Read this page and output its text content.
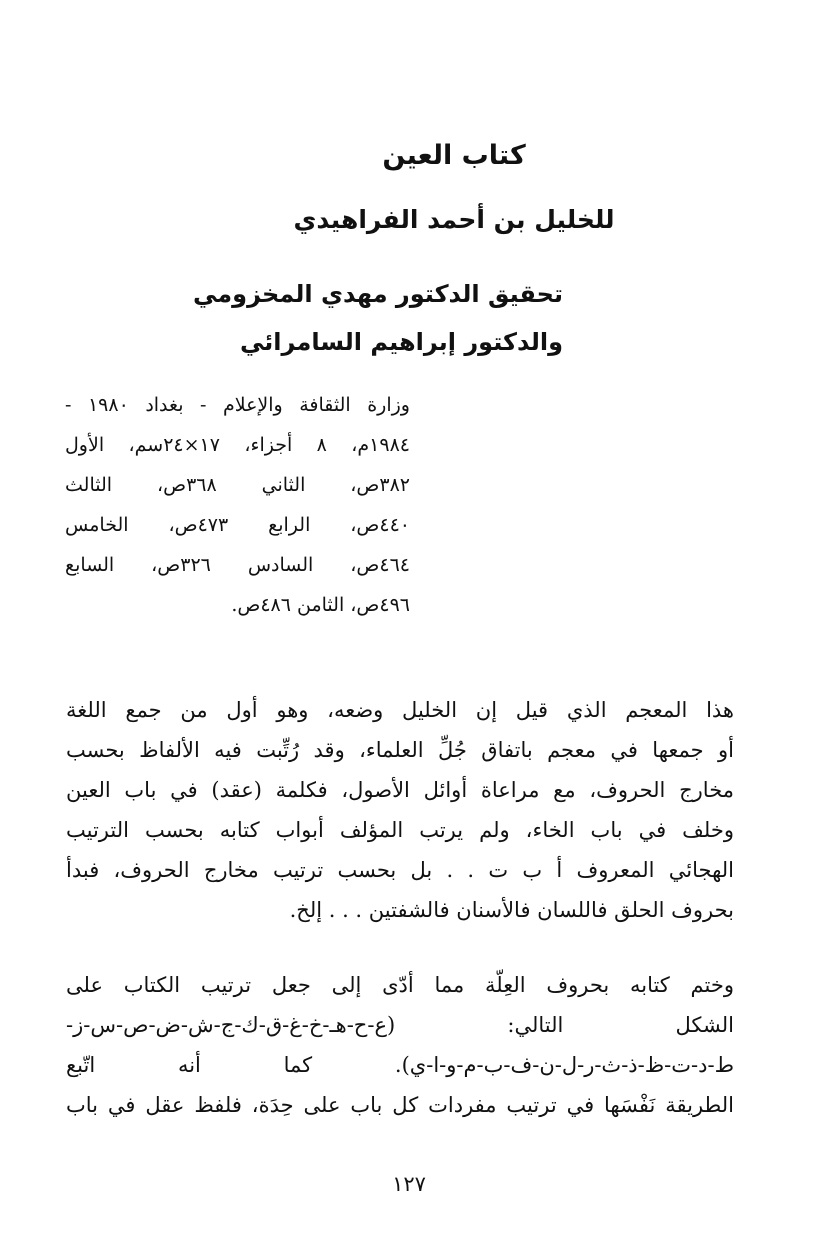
كتاب العين
للخليل بن أحمد الفراهيدي
تحقيق الدكتور مهدي المخزومي
والدكتور إبراهيم السامرائي
وزارة الثقافة والإعلام - بغداد ١٩٨٠ -
١٩٨٤م، ٨ أجزاء، ١٧×٢٤سم، الأول
٣٨٢ص، الثاني ٣٦٨ص، الثالث
٤٤٠ص، الرابع ٤٧٣ص، الخامس
٤٦٤ص، السادس ٣٢٦ص، السابع
٤٩٦ص، الثامن ٤٨٦ص.
هذا المعجم الذي قيل إن الخليل وضعه، وهو أول من جمع اللغة
أو جمعها في معجم باتفاق جُلِّ العلماء، وقد رُتِّبت فيه الألفاظ بحسب
مخارج الحروف، مع مراعاة أوائل الأصول، فكلمة (عقد) في باب العين
وخلف في باب الخاء، ولم يرتب المؤلف أبواب كتابه بحسب الترتيب
الهجائي المعروف أ ب ت . . بل بحسب ترتيب مخارج الحروف، فبدأ
بحروف الحلق فاللسان فالأسنان فالشفتين . . . إلخ.
وختم كتابه بحروف العِلّة مما أدّى إلى جعل ترتيب الكتاب على
الشكل التالي: (ع-ح-هـ-خ-غ-ق-ك-ج-ش-ض-ص-س-ز-
ط-د-ت-ظ-ذ-ث-ر-ل-ن-ف-ب-م-و-ا-ي). كما أنه اتّبع
الطريقة نَفْسَها في ترتيب مفردات كل باب على حِدَة، فلفظ عقل في باب
١٢٧
